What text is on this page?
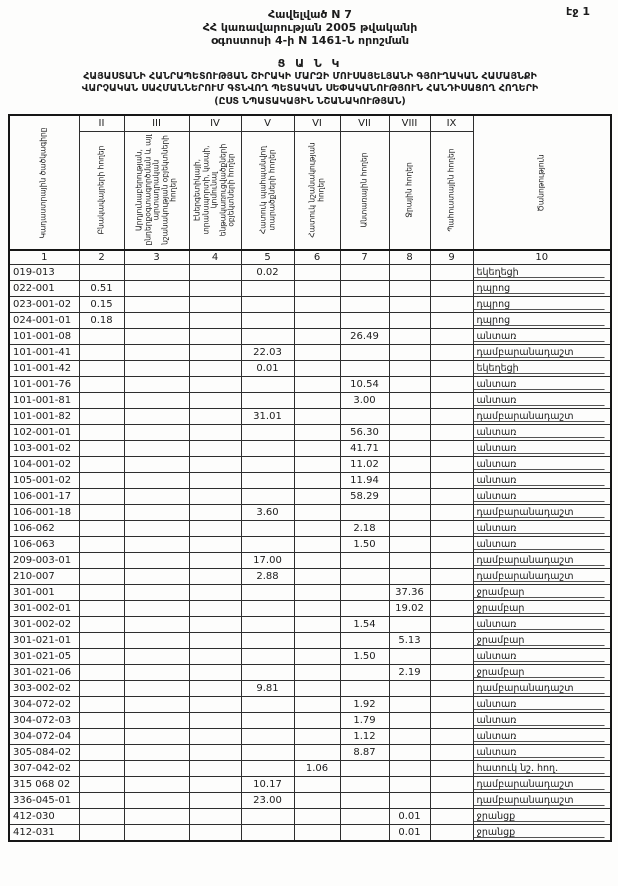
էջ 1
Հավելված N 7
ՀՀ կառավարության 2005 թվականի
օգոստոսի 4-ի N 1461-Ն որոշման
Ց Ա Ն Կ
ՀԱՅԱՍՏԱՆԻ ՀԱՆՐԱՊԵՏՈՒԹՅԱՆ ՇԻՐԱԿԻ ՄԱՐԶԻ ՄՈՒՍԱՅԵԼՅԱՆԻ ԳՅՈՒՂԱԿԱՆ ՀԱՄԱՅՆՔԻ
ՎԱՐՉԱԿԱՆ ՍԱՀՄԱՆՆԵՐՈՒՄ ԳՏՆՎՈՂ ՊԵՏԱԿԱՆ ՍԵՓԱԿԱՆՈՒԹՅՈՒՆ ՀԱՆԴԻՍԱՑՈՂ ՀՈՂԵՐԻ
(ԸՍՏ ՆՊԱՏԱԿԱՅԻՆ ՆՇԱՆԱԿՈՒԹՅԱՆ)
Կադաստրային ծածկագիրը	II	III	IV	V	VI	VII	VIII	IX	Ծանոթություն

	Բնակավայրերի հողեր	Արդյունաբերության, ընդերքօգտագործման և այլ արտադրական նշանակության օբյեկտների հողեր	Էներգետիկայի, տրանսպորտի, կապի, կոմունալ ենթակառուցվածքների օբյեկտների հողեր	Հատուկ պահպանվող տարածքների հողեր	Հատուկ նշանակության հողեր	Անտառային հողեր	Ջրային հողեր	Պահուստային հողեր	

1	2	3	4	5	6	7	8	9	10
019-013				0.02					եկեղեցի
022-001	0.51								դպրոց
023-001-02	0.15								դպրոց
024-001-01	0.18								դպրոց
101-001-08						26.49			անտառ
101-001-41				22.03					դամբարանադաշտ
101-001-42				0.01					եկեղեցի
101-001-76						10.54			անտառ
101-001-81						3.00			անտառ
101-001-82				31.01					դամբարանադաշտ
102-001-01						56.30			անտառ
103-001-02						41.71			անտառ
104-001-02						11.02			անտառ
105-001-02						11.94			անտառ
106-001-17						58.29			անտառ
106-001-18				3.60					դամբարանադաշտ
106-062						2.18			անտառ
106-063						1.50			անտառ
209-003-01				17.00					դամբարանադաշտ
210-007				2.88					դամբարանադաշտ
301-001							37.36		ջրամբար
301-002-01							19.02		ջրամբար
301-002-02						1.54			անտառ
301-021-01							5.13		ջրամբար
301-021-05						1.50			անտառ
301-021-06							2.19		ջրամբար
303-002-02				9.81					դամբարանադաշտ
304-072-02						1.92			անտառ
304-072-03						1.79			անտառ
304-072-04						1.12			անտառ
305-084-02						8.87			անտառ
307-042-02					1.06				հատուկ նշ. հող.
315 068 02				10.17					դամբարանադաշտ
336-045-01				23.00					դամբարանադաշտ
412-030							0.01		ջրանցք
412-031							0.01		ջրանցք
